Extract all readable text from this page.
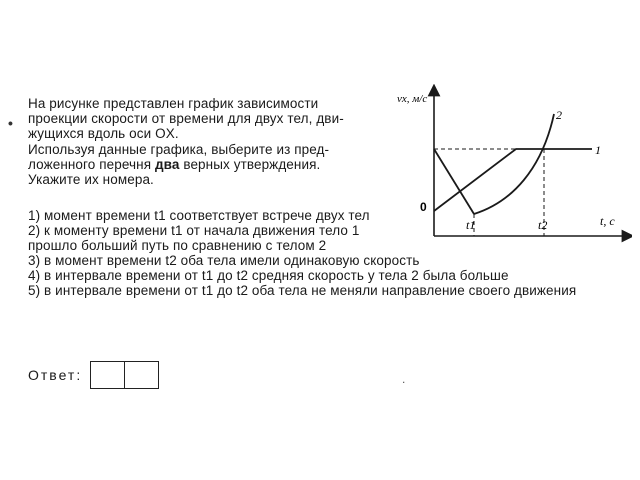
•

На рисунке представлен график зависимости

проекции скорости от времени для двух тел, дви-

жущихся вдоль оси OX.

Используя данные графика, выберите из пред-

ложенного перечня два верных утверждения.

Укажите их номера.

1) момент времени t1 соответствует встрече двух тел
2) к моменту времени t1 от начала движения тело 1 прошло больший путь по сравнению с телом 2
3) в момент времени t2 оба тела имели одинаковую скорость
4) в интервале времени от t1 до t2 средняя скорость у тела 2 была больше
5) в интервале времени от t1 до t2 оба тела не меняли направление своего движения
Ответ:	.
vx, м/с
t, с
0
t1	t2
1
2
